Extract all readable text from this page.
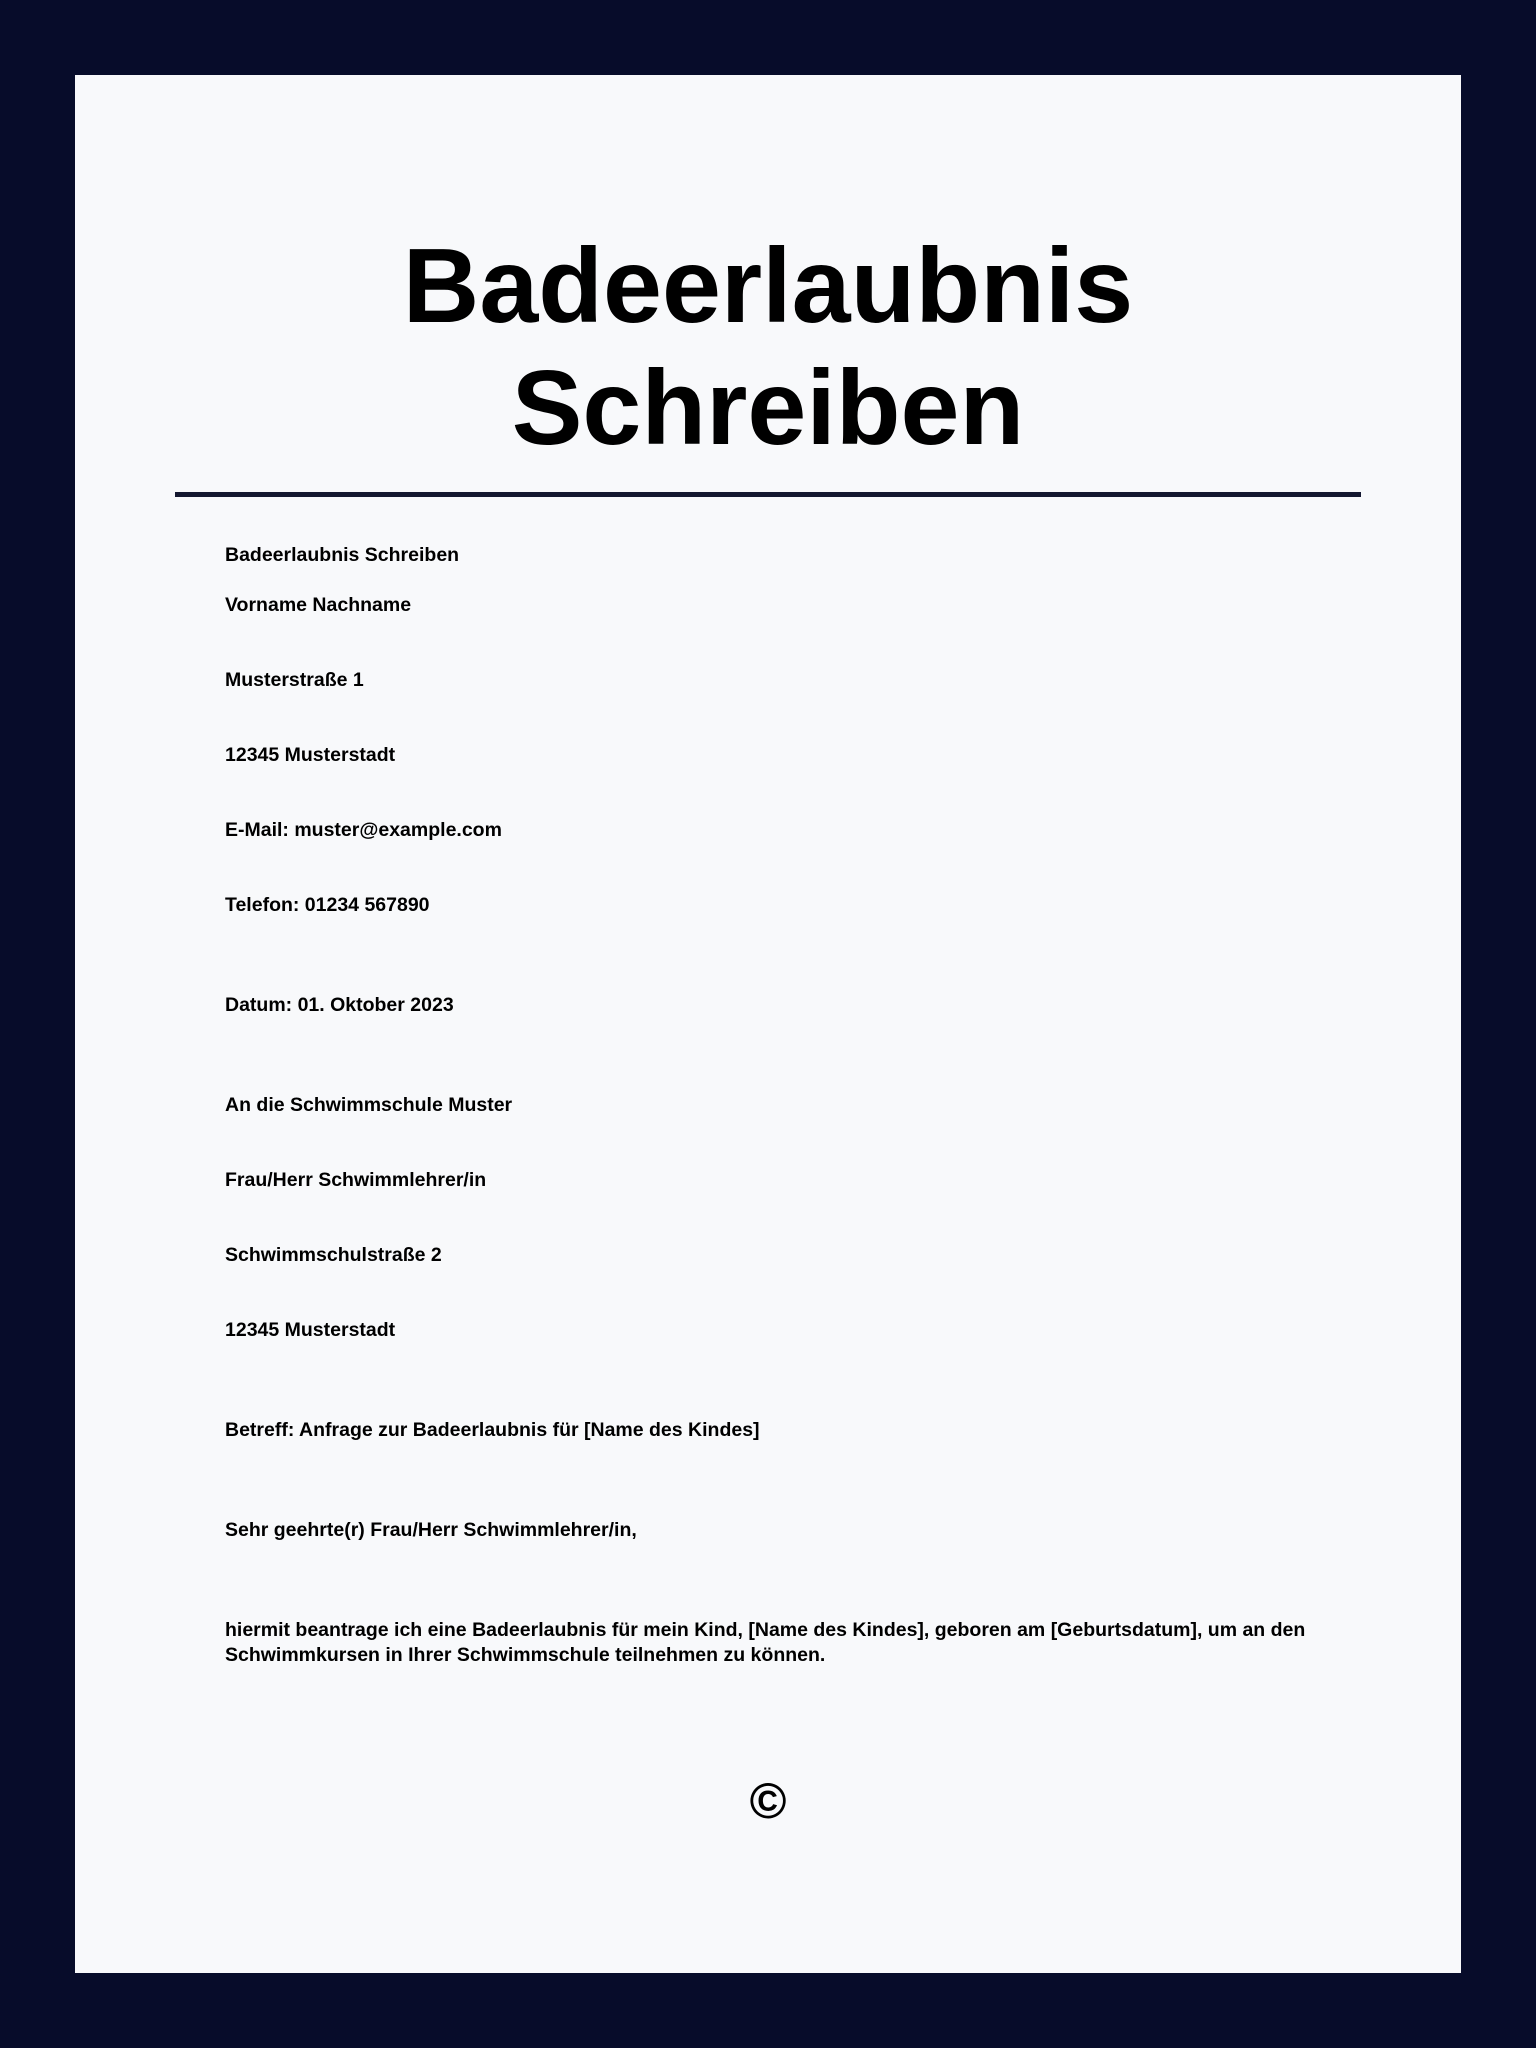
Badeerlaubnis
Schreiben

Badeerlaubnis Schreiben

Vorname Nachname

Musterstraße 1

12345 Musterstadt

E-Mail: muster@example.com

Telefon: 01234 567890

Datum: 01. Oktober 2023

An die Schwimmschule Muster

Frau/Herr Schwimmlehrer/in

Schwimmschulstraße 2

12345 Musterstadt

Betreff: Anfrage zur Badeerlaubnis für [Name des Kindes]

Sehr geehrte(r) Frau/Herr Schwimmlehrer/in,

hiermit beantrage ich eine Badeerlaubnis für mein Kind, [Name des Kindes], geboren am [Geburtsdatum], um an den Schwimmkursen in Ihrer Schwimmschule teilnehmen zu können.

©
